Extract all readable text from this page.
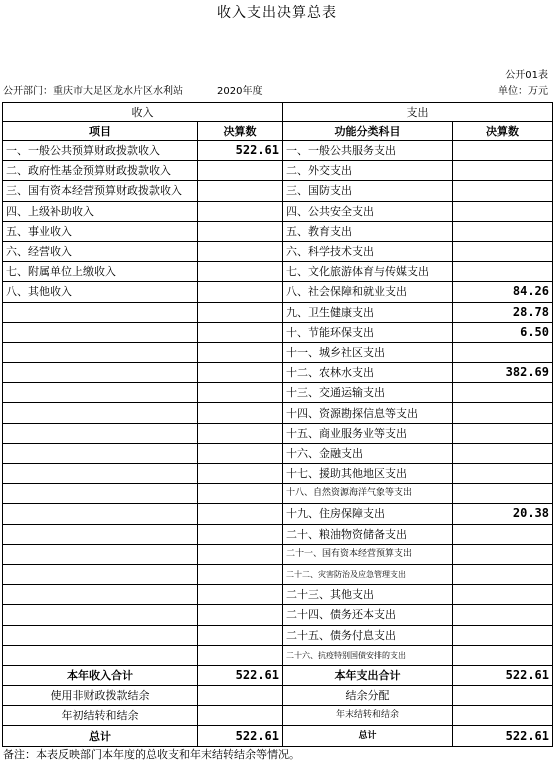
收入支出决算总表
公开01表
公开部门：重庆市大足区龙水片区水利站	2020年度	单位：万元
收入		支出	
项目	决算数	功能分类科目	决算数
一、一般公共预算财政拨款收入	522.61	一、一般公共服务支出	
二、政府性基金预算财政拨款收入		二、外交支出	
三、国有资本经营预算财政拨款收入		三、国防支出	
四、上级补助收入		四、公共安全支出	
五、事业收入		五、教育支出	
六、经营收入		六、科学技术支出	
七、附属单位上缴收入		七、文化旅游体育与传媒支出	
八、其他收入		八、社会保障和就业支出	84.26
		九、卫生健康支出	28.78
		十、节能环保支出	6.50
		十一、城乡社区支出	
		十二、农林水支出	382.69
		十三、交通运输支出	
		十四、资源勘探信息等支出	
		十五、商业服务业等支出	
		十六、金融支出	
		十七、援助其他地区支出	
		十八、自然资源海洋气象等支出	
		十九、住房保障支出	20.38
		二十、粮油物资储备支出	
		二十一、国有资本经营预算支出	
		二十二、灾害防治及应急管理支出	
		二十三、其他支出	
		二十四、债务还本支出	
		二十五、债务付息支出	
		二十六、抗疫特别国债安排的支出	
本年收入合计	522.61	本年支出合计	522.61
使用非财政拨款结余		结余分配	
年初结转和结余		年末结转和结余	
总计	522.61	总计	522.61
备注：本表反映部门本年度的总收支和年末结转结余等情况。
